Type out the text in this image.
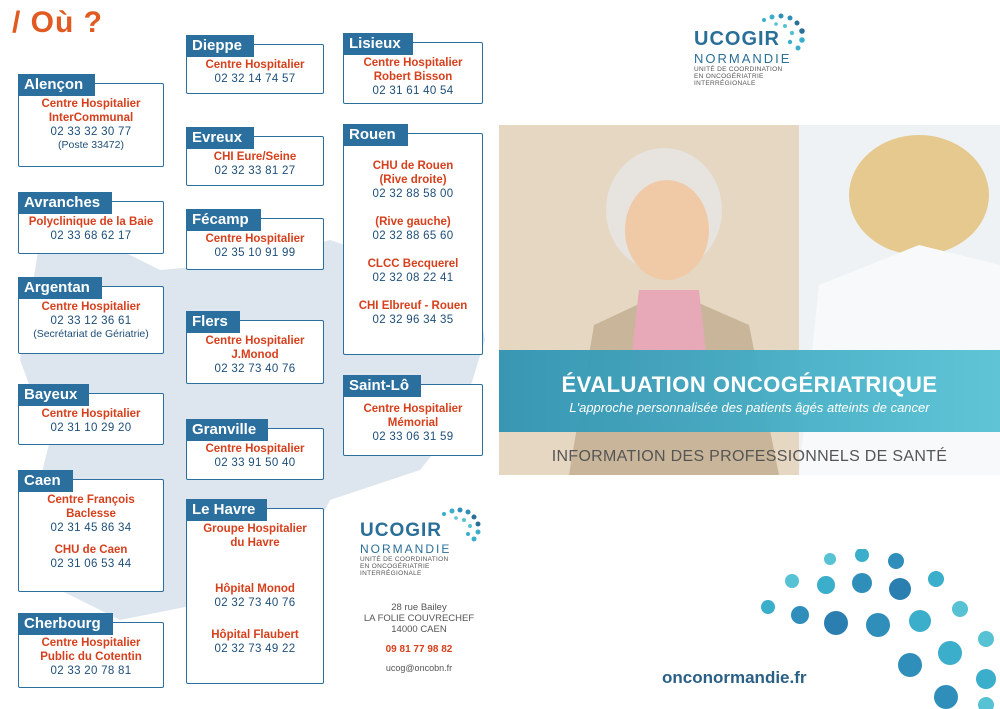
/ Où ?
Alençon
Centre Hospitalier
InterCommunal
02 33 32 30 77
(Poste 33472)
Avranches
Polyclinique de la Baie
02 33 68 62 17
Argentan
Centre Hospitalier
02 33 12 36 61
(Secrétariat de Gériatrie)
Bayeux
Centre Hospitalier
02 31 10 29 20
Caen
Centre François
Baclesse
02 31 45 86 34
CHU de Caen
02 31 06 53 44
Cherbourg
Centre Hospitalier
Public du Cotentin
02 33 20 78 81
Dieppe
Centre Hospitalier
02 32 14 74 57
Evreux
CHI Eure/Seine
02 32 33 81 27
Fécamp
Centre Hospitalier
02 35 10 91 99
Flers
Centre Hospitalier
J.Monod
02 32 73 40 76
Granville
Centre Hospitalier
02 33 91 50 40
Le Havre
Groupe Hospitalier
du Havre
Hôpital Monod
02 32 73 40 76
Hôpital Flaubert
02 32 73 49 22
Lisieux
Centre Hospitalier
Robert Bisson
02 31 61 40 54
Rouen
CHU de Rouen
(Rive droite)
02 32 88 58 00
(Rive gauche)
02 32 88 65 60
CLCC Becquerel
02 32 08 22 41
CHI Elbreuf - Rouen
02 32 96 34 35
Saint-Lô
Centre Hospitalier
Mémorial
02 33 06 31 59
UCOGIR
NORMANDIE
UNITÉ DE COORDINATION
EN ONCOGÉRIATRIE
INTERRÉGIONALE
28 rue Bailey
LA FOLIE COUVRECHEF
14000 CAEN
09 81 77 98 82
ucog@oncobn.fr
UCOGIR
NORMANDIE
UNITÉ DE COORDINATION
EN ONCOGÉRIATRIE
INTERRÉGIONALE
ÉVALUATION ONCOGÉRIATRIQUE
L'approche personnalisée des patients âgés atteints de cancer
INFORMATION DES PROFESSIONNELS DE SANTÉ
onconormandie.fr
